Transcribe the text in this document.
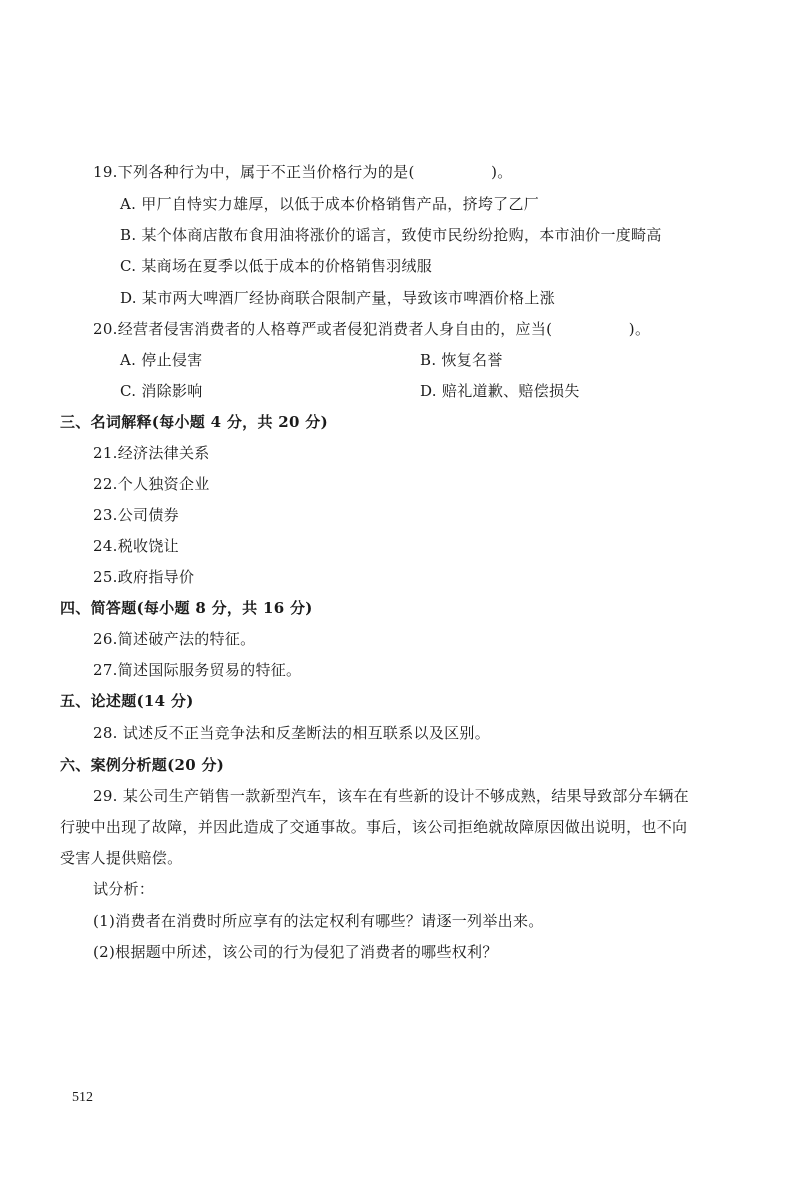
19.下列各种行为中，属于不正当价格行为的是(　　　　　)。
A. 甲厂自恃实力雄厚，以低于成本价格销售产品，挤垮了乙厂
B. 某个体商店散布食用油将涨价的谣言，致使市民纷纷抢购，本市油价一度畸高
C. 某商场在夏季以低于成本的价格销售羽绒服
D. 某市两大啤酒厂经协商联合限制产量，导致该市啤酒价格上涨
20.经营者侵害消费者的人格尊严或者侵犯消费者人身自由的，应当(　　　　　)。
A. 停止侵害	B. 恢复名誉
C. 消除影响	D. 赔礼道歉、赔偿损失
三、名词解释(每小题 4 分，共 20 分)
21.经济法律关系
22.个人独资企业
23.公司债券
24.税收饶让
25.政府指导价
四、简答题(每小题 8 分，共 16 分)
26.简述破产法的特征。
27.简述国际服务贸易的特征。
五、论述题(14 分)
28. 试述反不正当竞争法和反垄断法的相互联系以及区别。
六、案例分析题(20 分)
29. 某公司生产销售一款新型汽车，该车在有些新的设计不够成熟，结果导致部分车辆在
行驶中出现了故障，并因此造成了交通事故。事后，该公司拒绝就故障原因做出说明，也不向
受害人提供赔偿。
试分析：
(1)消费者在消费时所应享有的法定权利有哪些？请逐一列举出来。
(2)根据题中所述，该公司的行为侵犯了消费者的哪些权利？
512
